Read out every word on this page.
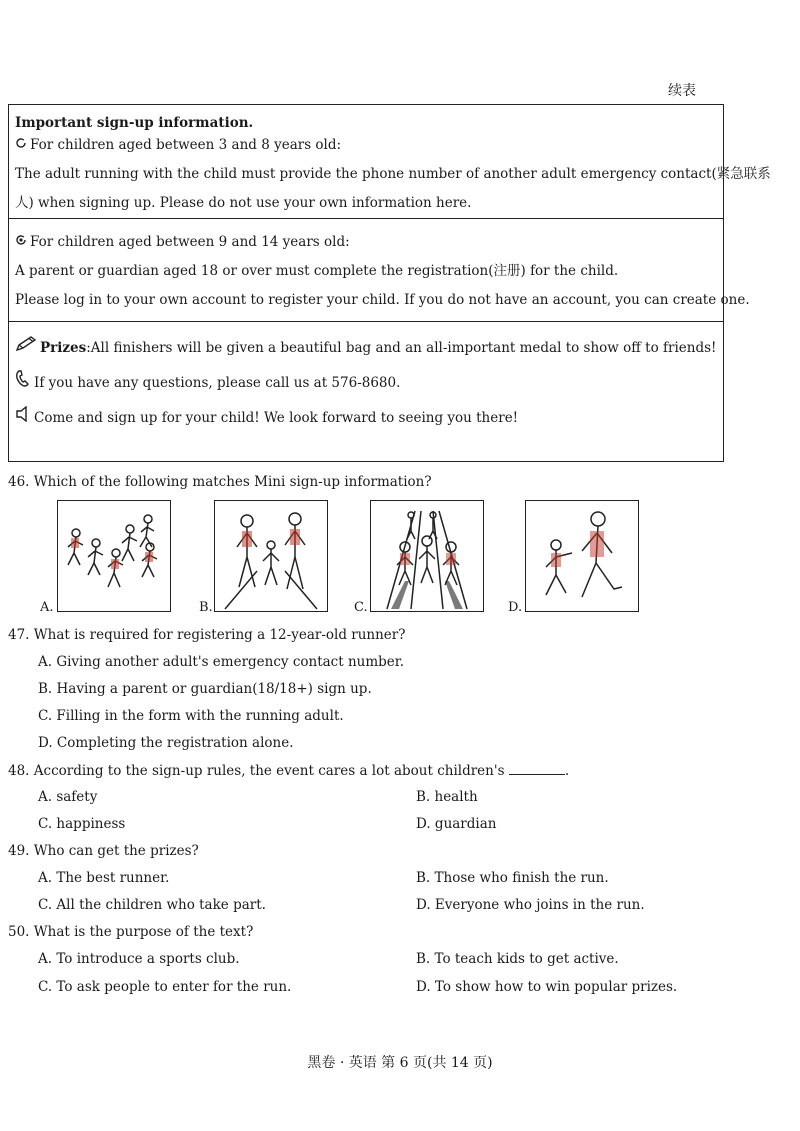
续表
Important sign-up information.
For children aged between 3 and 8 years old:
The adult running with the child must provide the phone number of another adult emergency contact(紧急联系
人) when signing up. Please do not use your own information here.
For children aged between 9 and 14 years old:
A parent or guardian aged 18 or over must complete the registration(注册) for the child.
Please log in to your own account to register your child. If you do not have an account, you can create one.
Prizes:All finishers will be given a beautiful bag and an all-important medal to show off to friends!
If you have any questions, please call us at 576-8680.
Come and sign up for your child! We look forward to seeing you there!
46. Which of the following matches Mini sign-up information?
A.	B.	C.	D.
47. What is required for registering a 12-year-old runner?
A. Giving another adult's emergency contact number.
B. Having a parent or guardian(18/18+) sign up.
C. Filling in the form with the running adult.
D. Completing the registration alone.
48. According to the sign-up rules, the event cares a lot about children's	.
A. safety	B. health
C. happiness	D. guardian
49. Who can get the prizes?
A. The best runner.	B. Those who finish the run.
C. All the children who take part.	D. Everyone who joins in the run.
50. What is the purpose of the text?
A. To introduce a sports club.	B. To teach kids to get active.
C. To ask people to enter for the run.	D. To show how to win popular prizes.
黑卷 · 英语 第 6 页(共 14 页)
